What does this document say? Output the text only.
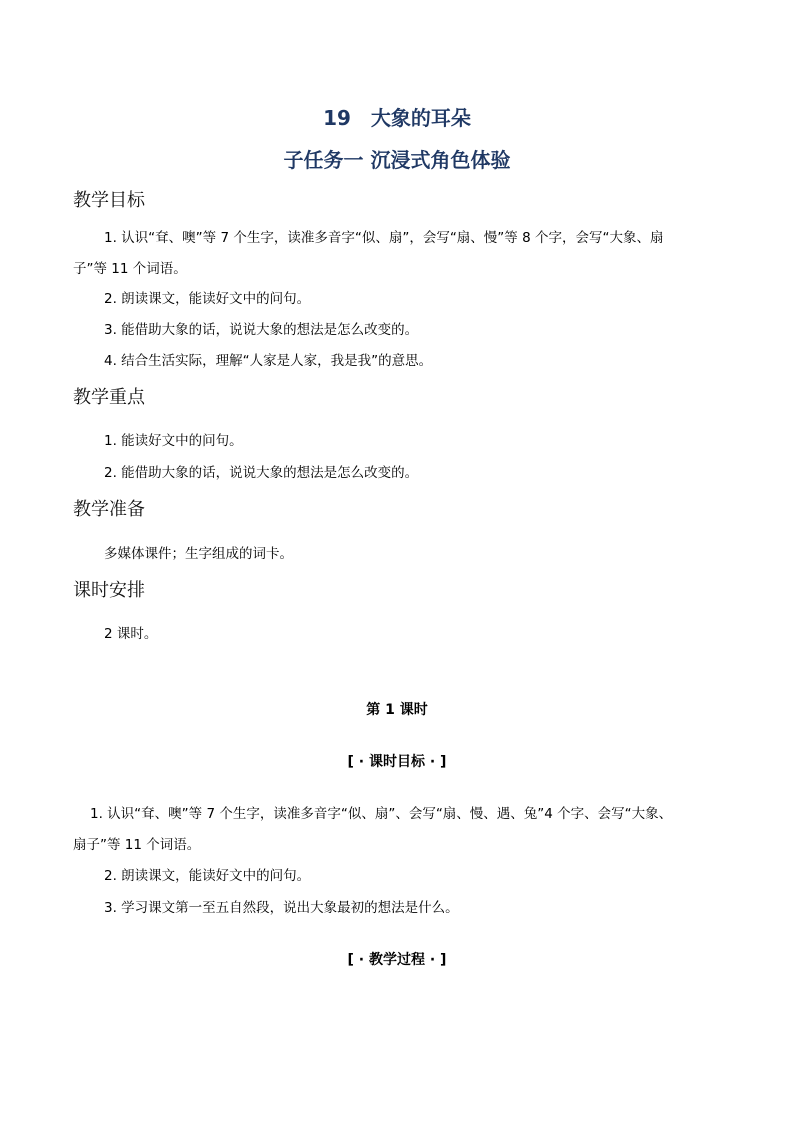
19　大象的耳朵
子任务一 沉浸式角色体验
教学目标
1. 认识“耷、噢”等 7 个生字，读准多音字“似、扇”，会写“扇、慢”等 8 个字，会写“大象、扇
子”等 11 个词语。
2. 朗读课文，能读好文中的问句。
3. 能借助大象的话，说说大象的想法是怎么改变的。
4. 结合生活实际，理解“人家是人家，我是我”的意思。
教学重点
1. 能读好文中的问句。
2. 能借助大象的话，说说大象的想法是怎么改变的。
教学准备
多媒体课件；生字组成的词卡。
课时安排
2 课时。
第 1 课时
[ · 课时目标 · ]
1. 认识“耷、噢”等 7 个生字，读准多音字“似、扇”、会写“扇、慢、遇、兔”4 个字、会写“大象、
扇子”等 11 个词语。
2. 朗读课文，能读好文中的问句。
3. 学习课文第一至五自然段，说出大象最初的想法是什么。
[ · 教学过程 · ]
